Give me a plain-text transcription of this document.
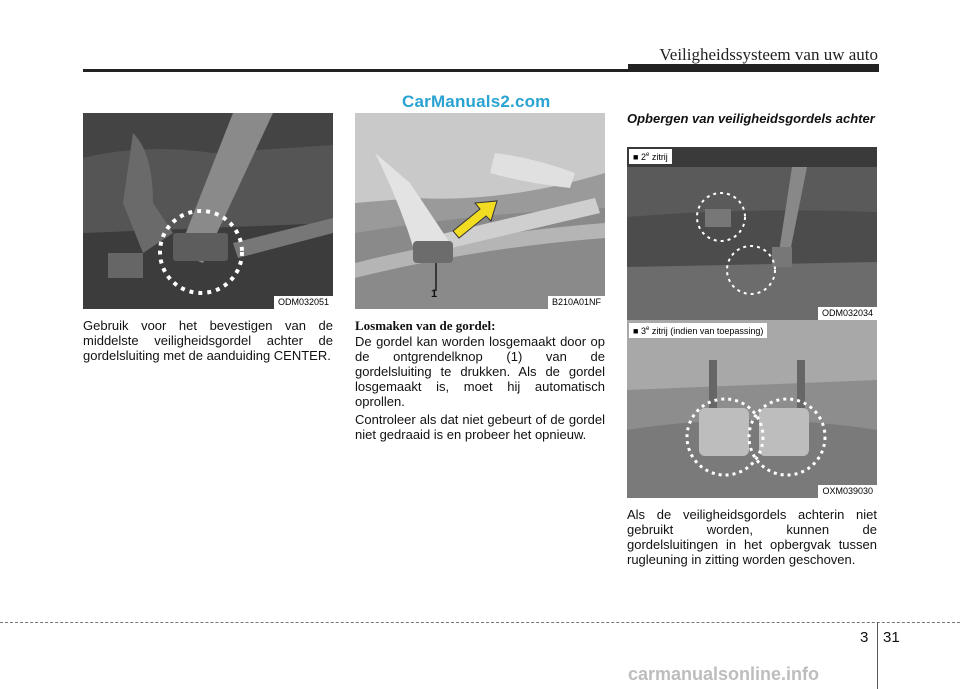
Veiligheidssysteem van uw auto
CarManuals2.com
ODM032051
Gebruik voor het bevestigen van de middelste veiligheidsgordel achter de gordelsluiting met de aanduiding CENTER.
1
B210A01NF
Losmaken van de gordel:
De gordel kan worden losgemaakt door op de ontgrendelknop (1) van de gordelsluiting te drukken. Als de gordel losgemaakt is, moet hij automatisch oprollen.
Controleer als dat niet gebeurt of de gordel niet gedraaid is en probeer het opnieuw.
Opbergen van veiligheidsgordels achter
■ 2e zitrij
ODM032034
■ 3e zitrij (indien van toepassing)
OXM039030
Als de veiligheidsgordels achterin niet gebruikt worden, kunnen de gordelsluitingen in het opbergvak tussen rugleuning in zitting worden geschoven.
3 31
carmanualsonline.info
